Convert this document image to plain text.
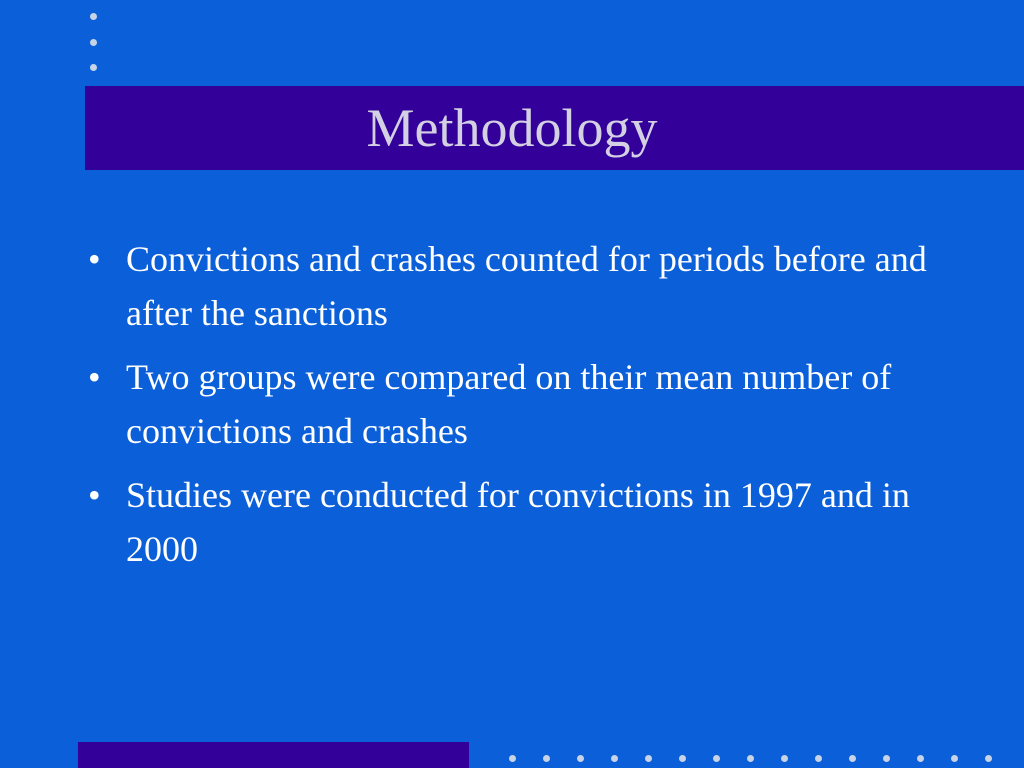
Methodology
• Convictions and crashes counted for periods before and after the sanctions
• Two groups were compared on their mean number of convictions and crashes
• Studies were conducted for convictions in 1997 and in 2000
